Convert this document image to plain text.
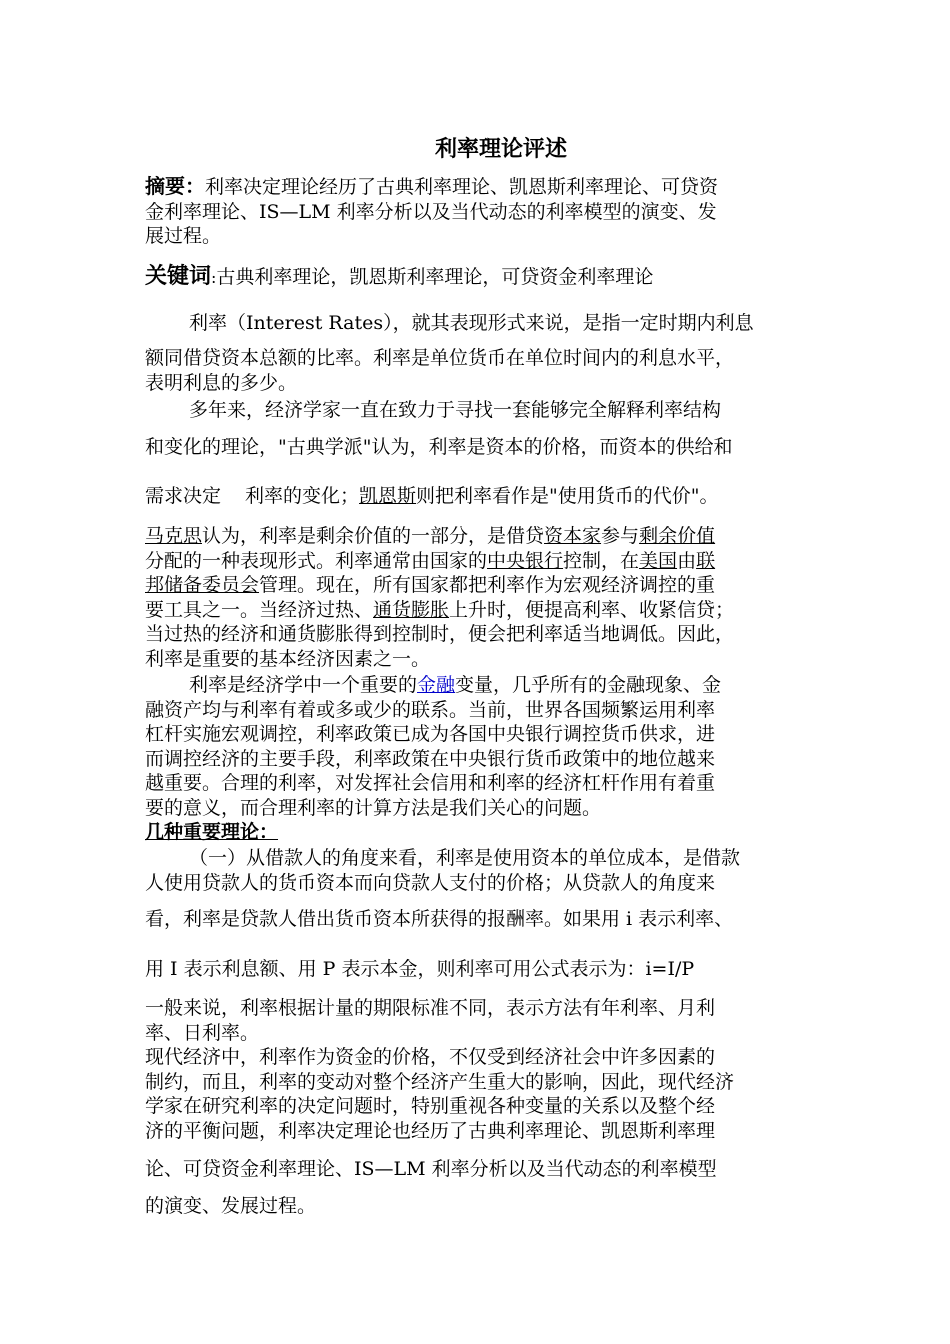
利率理论评述
摘要：利率决定理论经历了古典利率理论、凯恩斯利率理论、可贷资
金利率理论、IS—LM 利率分析以及当代动态的利率模型的演变、发
展过程。
关键词:古典利率理论，凯恩斯利率理论，可贷资金利率理论
利率（Interest Rates），就其表现形式来说，是指一定时期内利息
额同借贷资本总额的比率。利率是单位货币在单位时间内的利息水平，
表明利息的多少。
多年来，经济学家一直在致力于寻找一套能够完全解释利率结构
和变化的理论，"古典学派"认为，利率是资本的价格，而资本的供给和
需求决定 利率的变化；凯恩斯则把利率看作是"使用货币的代价"。
马克思认为，利率是剩余价值的一部分，是借贷资本家参与剩余价值
分配的一种表现形式。利率通常由国家的中央银行控制，在美国由联
邦储备委员会管理。现在，所有国家都把利率作为宏观经济调控的重
要工具之一。当经济过热、通货膨胀上升时，便提高利率、收紧信贷；
当过热的经济和通货膨胀得到控制时，便会把利率适当地调低。因此，
利率是重要的基本经济因素之一。
利率是经济学中一个重要的金融变量，几乎所有的金融现象、金
融资产均与利率有着或多或少的联系。当前，世界各国频繁运用利率
杠杆实施宏观调控，利率政策已成为各国中央银行调控货币供求，进
而调控经济的主要手段，利率政策在中央银行货币政策中的地位越来
越重要。合理的利率，对发挥社会信用和利率的经济杠杆作用有着重
要的意义，而合理利率的计算方法是我们关心的问题。
几种重要理论：
（一）从借款人的角度来看，利率是使用资本的单位成本，是借款
人使用贷款人的货币资本而向贷款人支付的价格；从贷款人的角度来
看，利率是贷款人借出货币资本所获得的报酬率。如果用 i 表示利率、
用 I 表示利息额、用 P 表示本金，则利率可用公式表示为：i=I/P
一般来说，利率根据计量的期限标准不同，表示方法有年利率、月利
率、日利率。
现代经济中，利率作为资金的价格，不仅受到经济社会中许多因素的
制约，而且，利率的变动对整个经济产生重大的影响，因此，现代经济
学家在研究利率的决定问题时，特别重视各种变量的关系以及整个经
济的平衡问题，利率决定理论也经历了古典利率理论、凯恩斯利率理
论、可贷资金利率理论、IS—LM 利率分析以及当代动态的利率模型
的演变、发展过程。
